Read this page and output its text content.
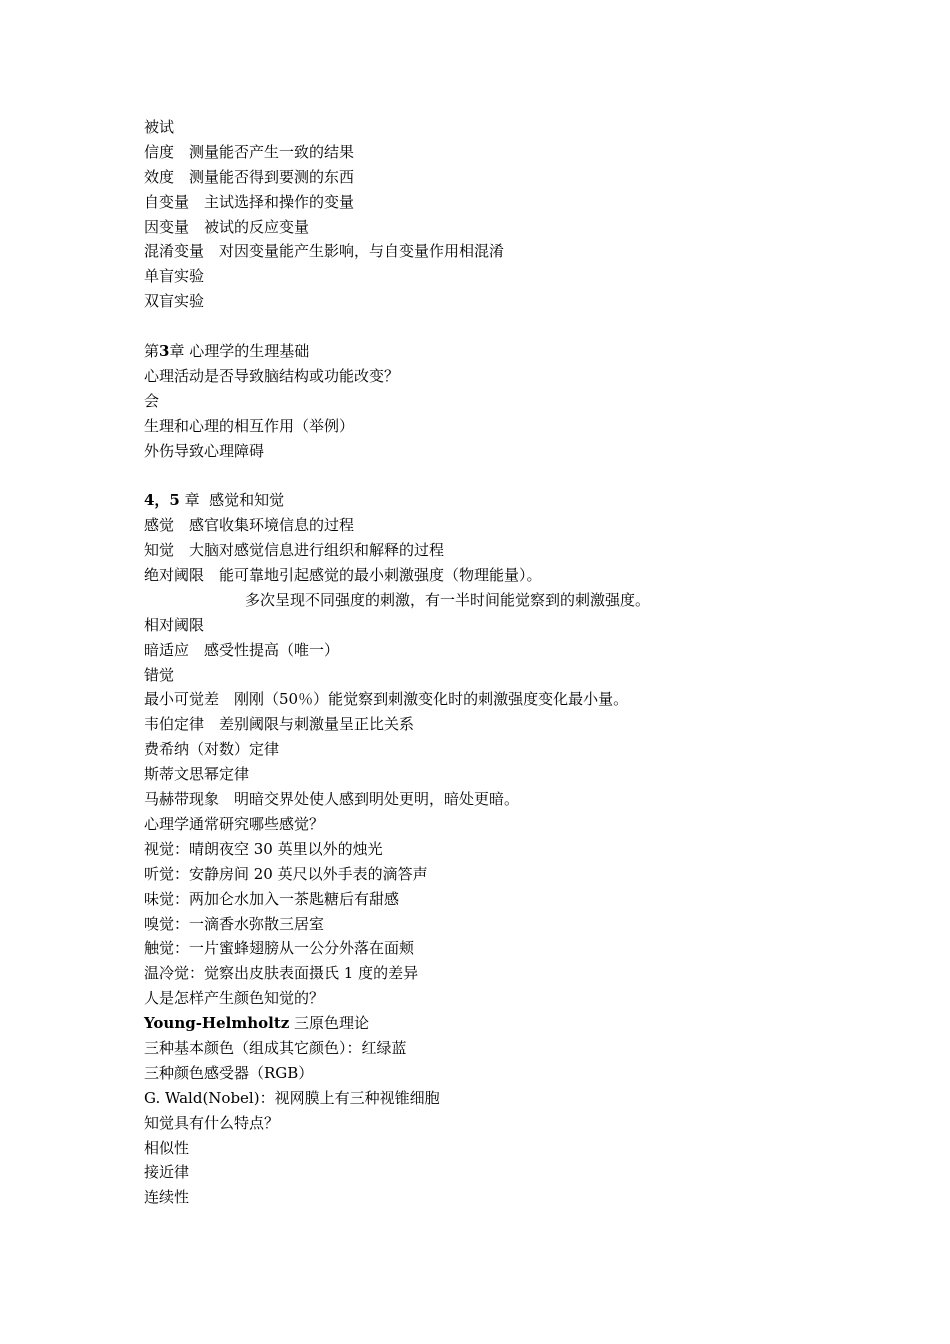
被试
信度　测量能否产生一致的结果
效度　测量能否得到要测的东西
自变量　主试选择和操作的变量
因变量　被试的反应变量
混淆变量　对因变量能产生影响，与自变量作用相混淆
单盲实验
双盲实验
第3章 心理学的生理基础
心理活动是否导致脑结构或功能改变？
会
生理和心理的相互作用（举例）
外伤导致心理障碍
4，5 章  感觉和知觉
感觉　感官收集环境信息的过程
知觉　大脑对感觉信息进行组织和解释的过程
绝对阈限　能可靠地引起感觉的最小刺激强度（物理能量）。
多次呈现不同强度的刺激，有一半时间能觉察到的刺激强度。
相对阈限
暗适应　感受性提高（唯一）
错觉
最小可觉差　刚刚（50％）能觉察到刺激变化时的刺激强度变化最小量。
韦伯定律　差别阈限与刺激量呈正比关系
费希纳（对数）定律
斯蒂文思幂定律
马赫带现象　明暗交界处使人感到明处更明，暗处更暗。
心理学通常研究哪些感觉？
视觉：晴朗夜空 30 英里以外的烛光
听觉：安静房间 20 英尺以外手表的滴答声
味觉：两加仑水加入一茶匙糖后有甜感
嗅觉：一滴香水弥散三居室
触觉：一片蜜蜂翅膀从一公分外落在面颊
温冷觉：觉察出皮肤表面摄氏 1 度的差异
人是怎样产生颜色知觉的？
Young-Helmholtz 三原色理论
三种基本颜色（组成其它颜色）：红绿蓝
三种颜色感受器（RGB）
G. Wald(Nobel)：视网膜上有三种视锥细胞
知觉具有什么特点？
相似性
接近律
连续性
